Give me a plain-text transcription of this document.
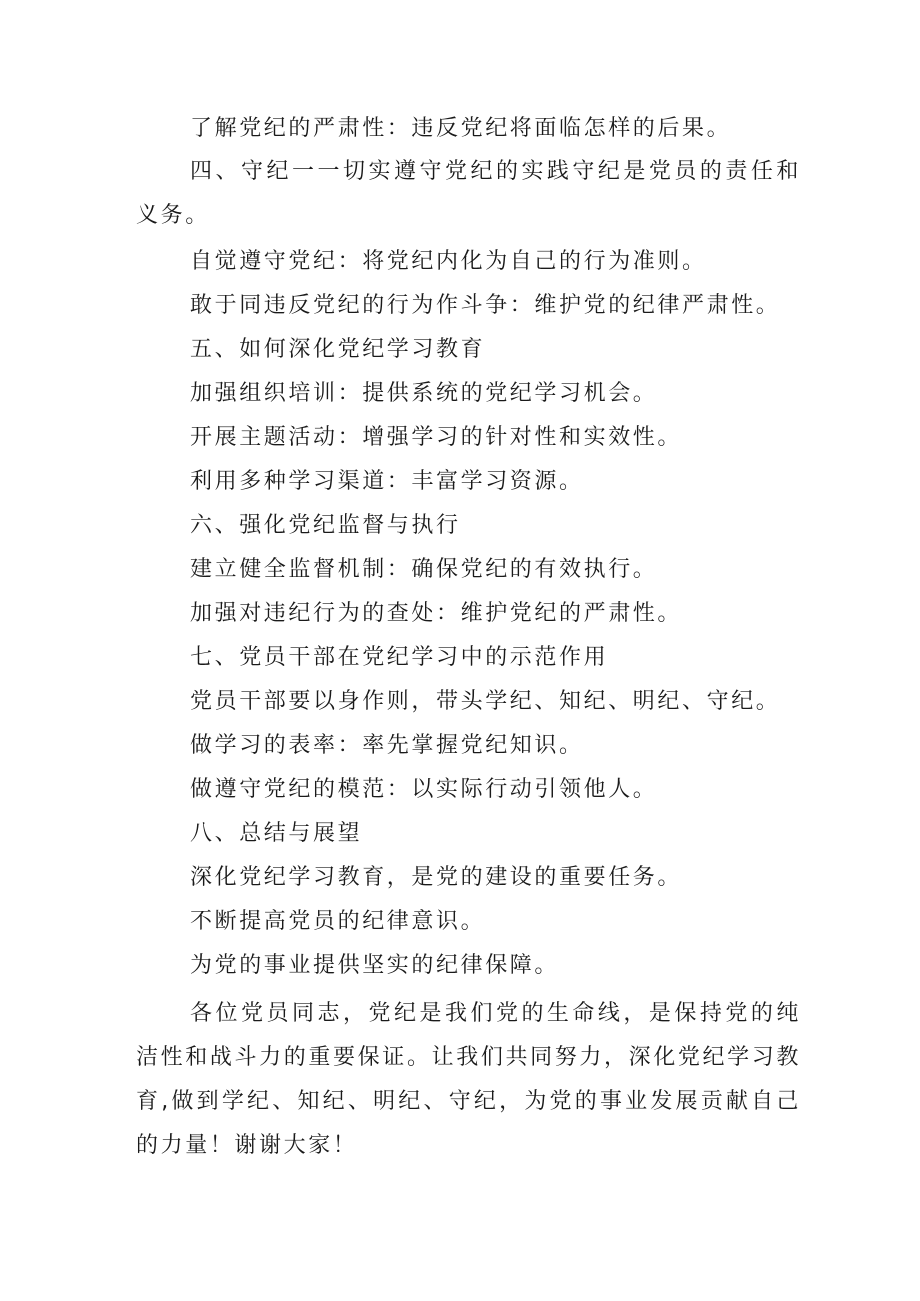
了解党纪的严肃性：违反党纪将面临怎样的后果。

四、守纪一一切实遵守党纪的实践守纪是党员的责任和义务。

自觉遵守党纪：将党纪内化为自己的行为准则。

敢于同违反党纪的行为作斗争：维护党的纪律严肃性。

五、如何深化党纪学习教育

加强组织培训：提供系统的党纪学习机会。

开展主题活动：增强学习的针对性和实效性。

利用多种学习渠道：丰富学习资源。

六、强化党纪监督与执行

建立健全监督机制：确保党纪的有效执行。

加强对违纪行为的查处：维护党纪的严肃性。

七、党员干部在党纪学习中的示范作用

党员干部要以身作则，带头学纪、知纪、明纪、守纪。

做学习的表率：率先掌握党纪知识。

做遵守党纪的模范：以实际行动引领他人。

八、总结与展望

深化党纪学习教育，是党的建设的重要任务。

不断提高党员的纪律意识。

为党的事业提供坚实的纪律保障。

各位党员同志，党纪是我们党的生命线，是保持党的纯洁性和战斗力的重要保证。让我们共同努力，深化党纪学习教育,做到学纪、知纪、明纪、守纪，为党的事业发展贡献自己的力量！谢谢大家！
